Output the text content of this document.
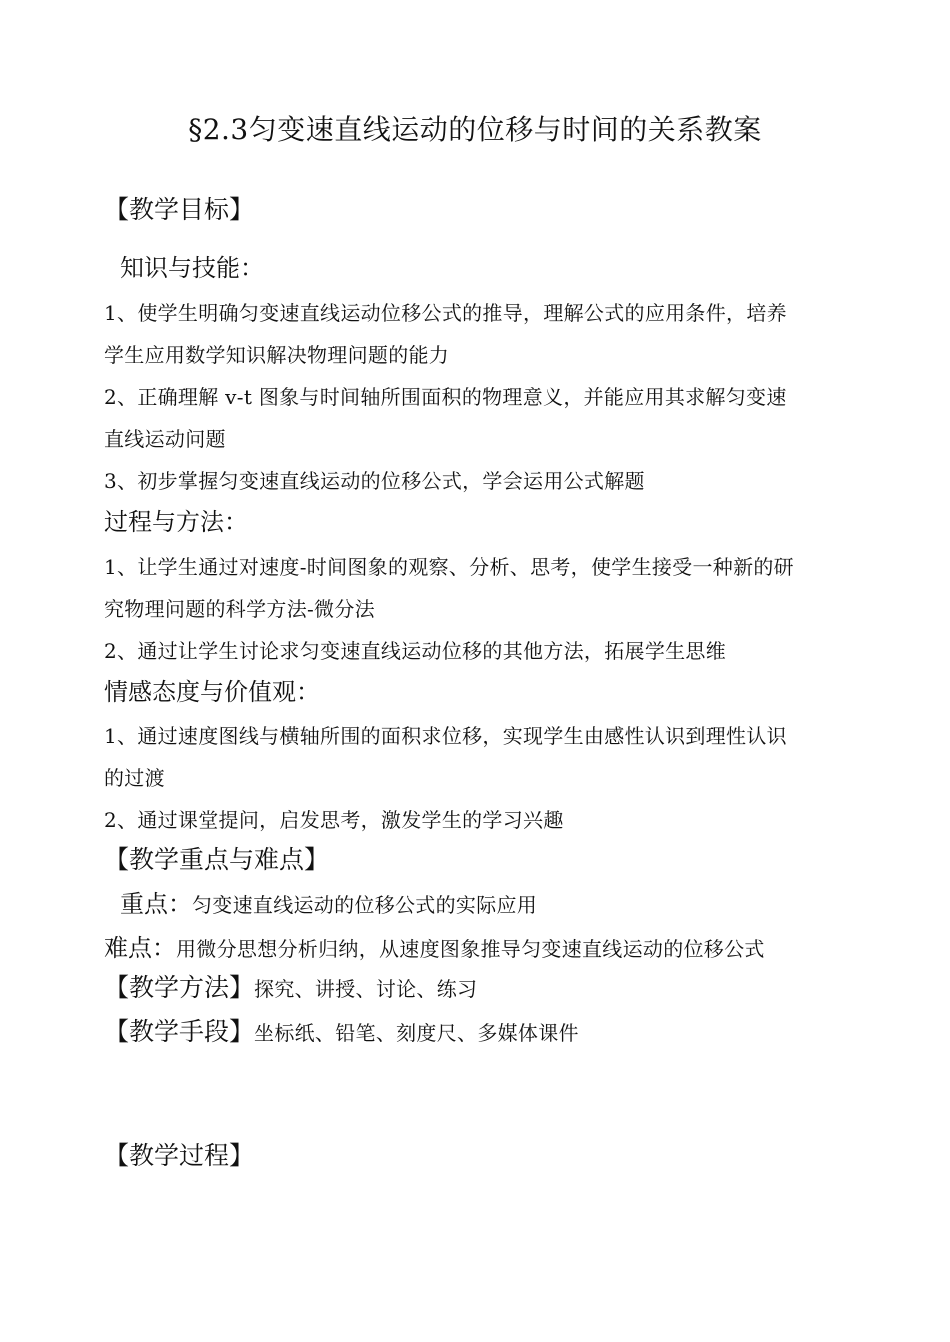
§2.3匀变速直线运动的位移与时间的关系教案
【教学目标】
知识与技能：
1、使学生明确匀变速直线运动位移公式的推导，理解公式的应用条件，培养
学生应用数学知识解决物理问题的能力
2、正确理解 v-t 图象与时间轴所围面积的物理意义，并能应用其求解匀变速
直线运动问题
3、初步掌握匀变速直线运动的位移公式，学会运用公式解题
过程与方法：
1、让学生通过对速度-时间图象的观察、分析、思考，使学生接受一种新的研
究物理问题的科学方法-微分法
2、通过让学生讨论求匀变速直线运动位移的其他方法，拓展学生思维
情感态度与价值观：
1、通过速度图线与横轴所围的面积求位移，实现学生由感性认识到理性认识
的过渡
2、通过课堂提问，启发思考，激发学生的学习兴趣
【教学重点与难点】
重点：匀变速直线运动的位移公式的实际应用
难点：用微分思想分析归纳，从速度图象推导匀变速直线运动的位移公式
【教学方法】探究、讲授、讨论、练习
【教学手段】坐标纸、铅笔、刻度尺、多媒体课件
【教学过程】
